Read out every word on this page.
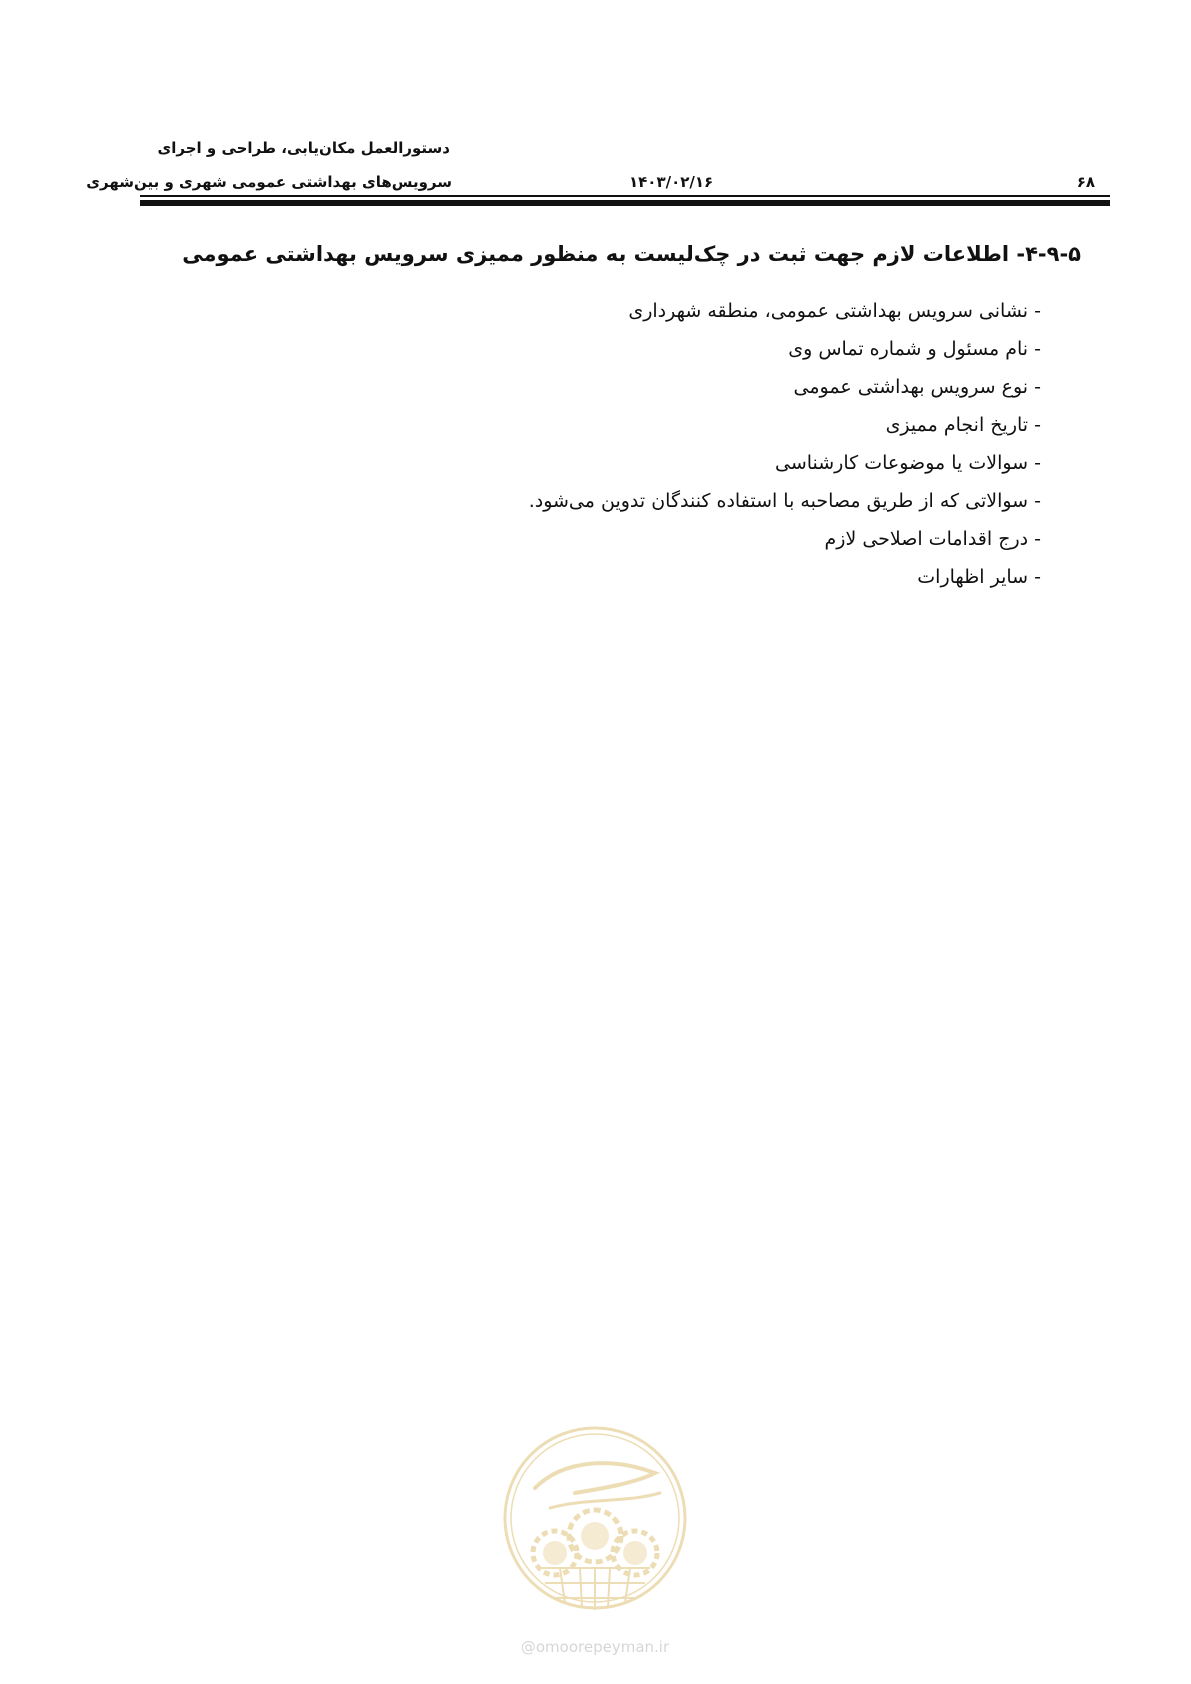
دستورالعمل مکان‌یابی، طراحی و اجرای
سرویس‌های بهداشتی عمومی شهری و بین‌شهری	۱۴۰۳/۰۲/۱۶	۶۸
۴-۹-۵- اطلاعات لازم جهت ثبت در چک‌لیست به منظور ممیزی سرویس بهداشتی عمومی
- نشانی سرویس بهداشتی عمومی، منطقه شهرداری
- نام مسئول و شماره تماس وی
- نوع سرویس بهداشتی عمومی
- تاریخ انجام ممیزی
- سوالات یا موضوعات کارشناسی
- سوالاتی که از طریق مصاحبه با استفاده کنندگان تدوین می‌شود.
- درج اقدامات اصلاحی لازم
- سایر اظهارات
@omoorepeyman.ir
